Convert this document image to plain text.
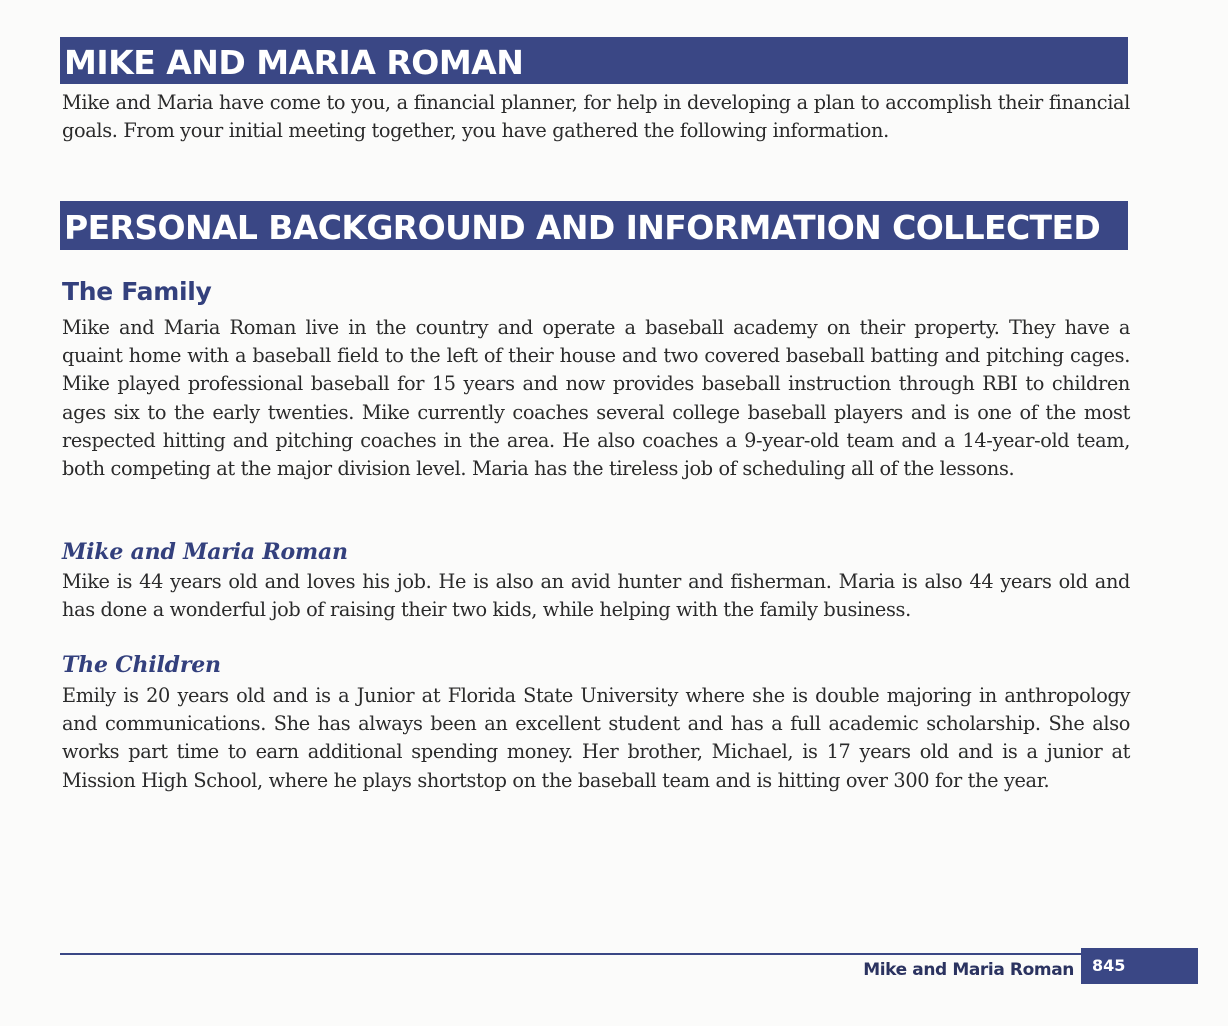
MIKE AND MARIA ROMAN

Mike and Maria have come to you, a financial planner, for help in developing a plan to accomplish their financial goals. From your initial meeting together, you have gathered the following information.

PERSONAL BACKGROUND AND INFORMATION COLLECTED
The Family

Mike and Maria Roman live in the country and operate a baseball academy on their property. They have a quaint home with a baseball field to the left of their house and two covered baseball batting and pitching cages. Mike played professional baseball for 15 years and now provides baseball instruction through RBI to children ages six to the early twenties. Mike currently coaches several college baseball players and is one of the most respected hitting and pitching coaches in the area. He also coaches a 9-year-old team and a 14-year-old team, both competing at the major division level. Maria has the tireless job of scheduling all of the lessons.

Mike and Maria Roman

Mike is 44 years old and loves his job. He is also an avid hunter and fisherman. Maria is also 44 years old and has done a wonderful job of raising their two kids, while helping with the family business.

The Children

Emily is 20 years old and is a Junior at Florida State University where she is double majoring in anthropology and communications. She has always been an excellent student and has a full academic scholarship. She also works part time to earn additional spending money. Her brother, Michael, is 17 years old and is a junior at Mission High School, where he plays shortstop on the baseball team and is hitting over 300 for the year.

Mike and Maria Roman	845
